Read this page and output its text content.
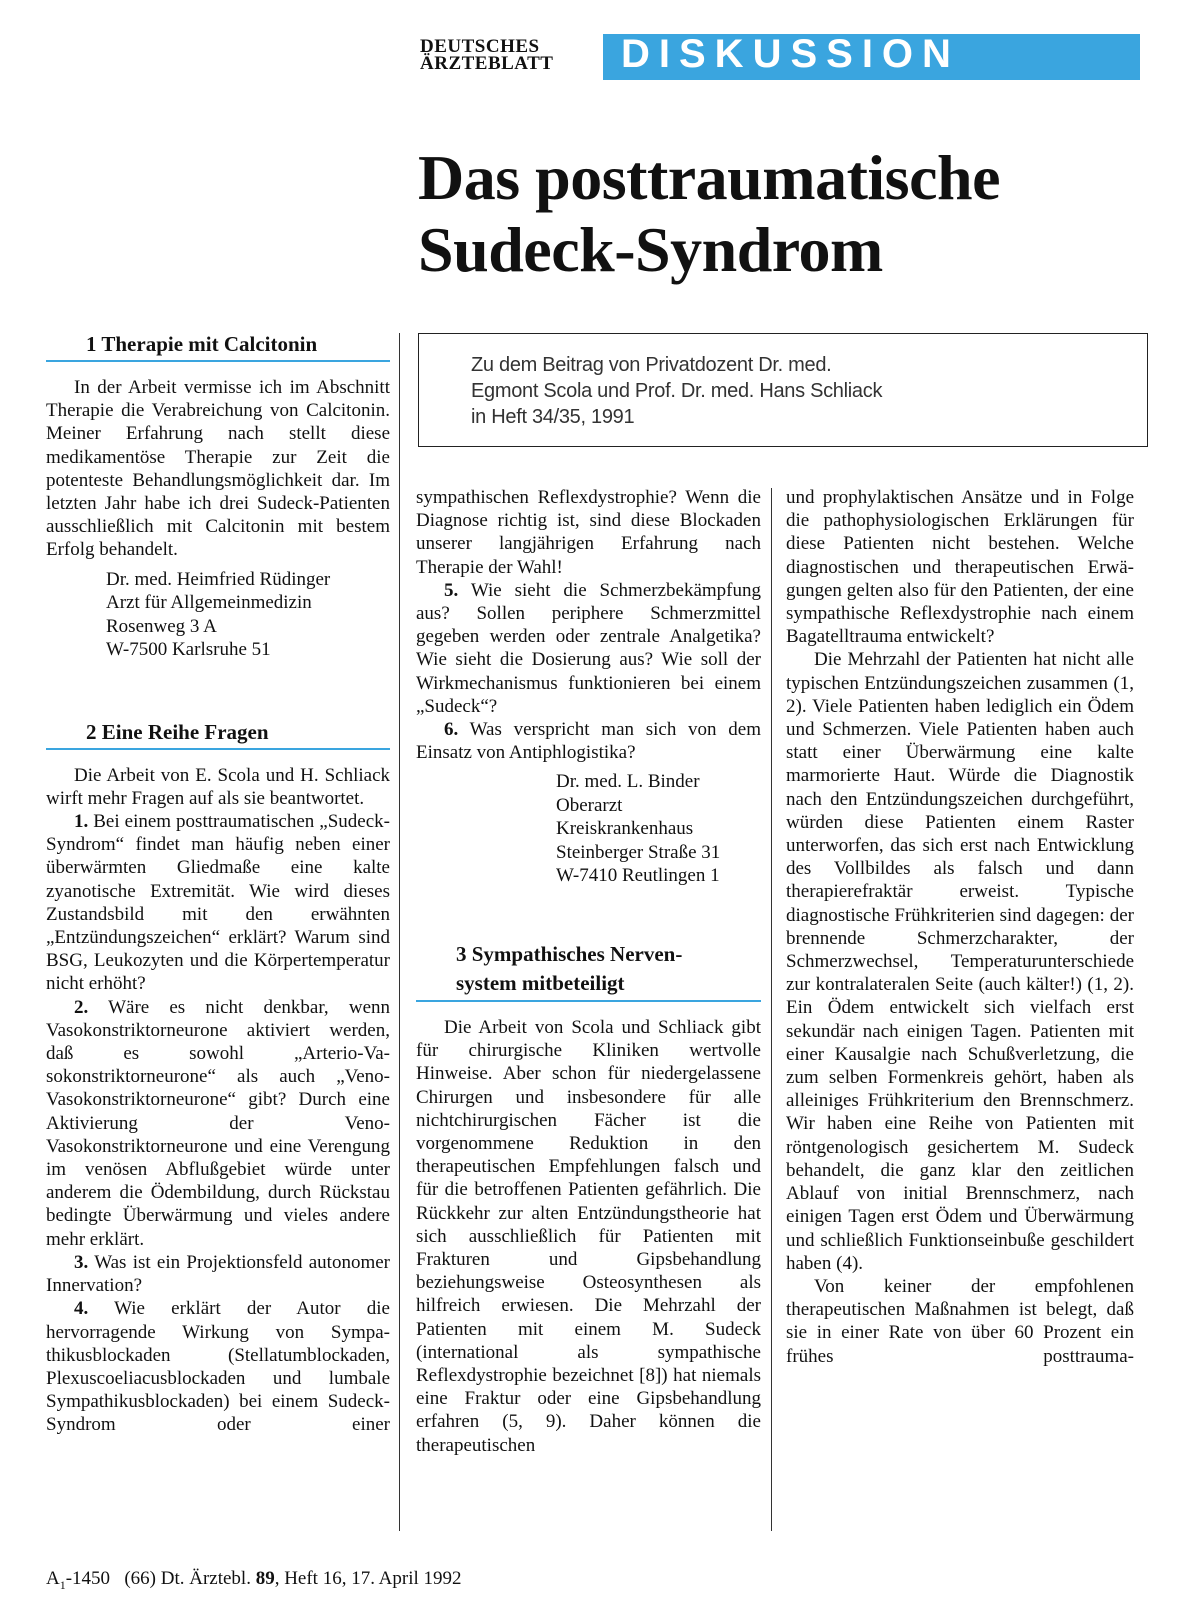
DEUTSCHES
ÄRZTEBLATT DISKUSSION
Das posttraumatische
Sudeck-Syndrom
Zu dem Beitrag von Privatdozent Dr. med.
Egmont Scola und Prof. Dr. med. Hans Schliack
in Heft 34/35, 1991
1 Therapie mit Calcitonin

In der Arbeit vermisse ich im Abschnitt Therapie die Verabreichung von Calcitonin. Meiner Erfahrung nach stellt diese medikamentöse Therapie zur Zeit die potenteste Behandlungsmöglichkeit dar. Im letzten Jahr habe ich drei Sudeck-Patienten ausschließlich mit Calcitonin mit bestem Erfolg behandelt.

Dr. med. Heimfried Rüdinger
Arzt für Allgemeinmedizin
Rosenweg 3 A
W-7500 Karlsruhe 51
2 Eine Reihe Fragen

Die Arbeit von E. Scola und H. Schliack wirft mehr Fragen auf als sie beantwortet.

1. Bei einem posttraumatischen „Sudeck-Syndrom“ findet man häufig neben einer überwärmten Gliedmaße eine kalte zyanotische Extremität. Wie wird dieses Zustandsbild mit den erwähnten „Entzündungszeichen“ erklärt? Warum sind BSG, Leukozyten und die Körpertemperatur nicht erhöht?

2. Wäre es nicht denkbar, wenn Vasokonstriktorneurone aktiviert werden, daß es sowohl „Arterio-Vasokonstriktorneurone“ als auch „Veno-Vasokonstriktorneurone“ gibt? Durch eine Aktivierung der Veno-Vasokonstriktorneurone und eine Verengung im venösen Abflußgebiet würde unter anderem die Ödembildung, durch Rückstau bedingte Überwärmung und vieles andere mehr erklärt.

3. Was ist ein Projektionsfeld autonomer Innervation?

4. Wie erklärt der Autor die hervorragende Wirkung von Sympathikusblockaden (Stellatumblockaden, Plexuscoeliacusblockaden und lumbale Sympathikusblockaden) bei einem Sudeck-Syndrom oder einer

sympathischen Reflexdystrophie? Wenn die Diagnose richtig ist, sind diese Blockaden unserer langjährigen Erfahrung nach Therapie der Wahl!

5. Wie sieht die Schmerzbekämpfung aus? Sollen periphere Schmerzmittel gegeben werden oder zentrale Analgetika? Wie sieht die Dosierung aus? Wie soll der Wirkmechanismus funktionieren bei einem „Sudeck“?

6. Was verspricht man sich von dem Einsatz von Antiphlogistika?

Dr. med. L. Binder
Oberarzt
Kreiskrankenhaus
Steinberger Straße 31
W-7410 Reutlingen 1
3 Sympathisches Nerven-
system mitbeteiligt

Die Arbeit von Scola und Schliack gibt für chirurgische Kliniken wertvolle Hinweise. Aber schon für niedergelassene Chirurgen und insbesondere für alle nichtchirurgischen Fächer ist die vorgenommene Reduktion in den therapeutischen Empfehlungen falsch und für die betroffenen Patienten gefährlich. Die Rückkehr zur alten Entzündungstheorie hat sich ausschließlich für Patienten mit Frakturen und Gipsbehandlung beziehungsweise Osteosynthesen als hilfreich erwiesen. Die Mehrzahl der Patienten mit einem M. Sudeck (international als sympathische Reflexdystrophie bezeichnet [8]) hat niemals eine Fraktur oder eine Gipsbehandlung erfahren (5, 9). Daher können die therapeutischen

und prophylaktischen Ansätze und in Folge die pathophysiologischen Erklärungen für diese Patienten nicht bestehen. Welche diagnostischen und therapeutischen Erwägungen gelten also für den Patienten, der eine sympathische Reflexdystrophie nach einem Bagatelltrauma entwickelt?

Die Mehrzahl der Patienten hat nicht alle typischen Entzündungszeichen zusammen (1, 2). Viele Patienten haben lediglich ein Ödem und Schmerzen. Viele Patienten haben auch statt einer Überwärmung eine kalte marmorierte Haut. Würde die Diagnostik nach den Entzündungszeichen durchgeführt, würden diese Patienten einem Raster unterworfen, das sich erst nach Entwicklung des Vollbildes als falsch und dann therapierefraktär erweist. Typische diagnostische Frühkriterien sind dagegen: der brennende Schmerzcharakter, der Schmerzwechsel, Temperaturunterschiede zur kontralateralen Seite (auch kälter!) (1, 2). Ein Ödem entwickelt sich vielfach erst sekundär nach einigen Tagen. Patienten mit einer Kausalgie nach Schußverletzung, die zum selben Formenkreis gehört, haben als alleiniges Frühkriterium den Brennschmerz. Wir haben eine Reihe von Patienten mit röntgenologisch gesichertem M. Sudeck behandelt, die ganz klar den zeitlichen Ablauf von initial Brennschmerz, nach einigen Tagen erst Ödem und Überwärmung und schließlich Funktionseinbuße geschildert haben (4).

Von keiner der empfohlenen therapeutischen Maßnahmen ist belegt, daß sie in einer Rate von über 60 Prozent ein frühes posttrauma-

$A_1-1450$ (66) Dt. Ärztebl. 89, Heft 16, 17. April 1992
